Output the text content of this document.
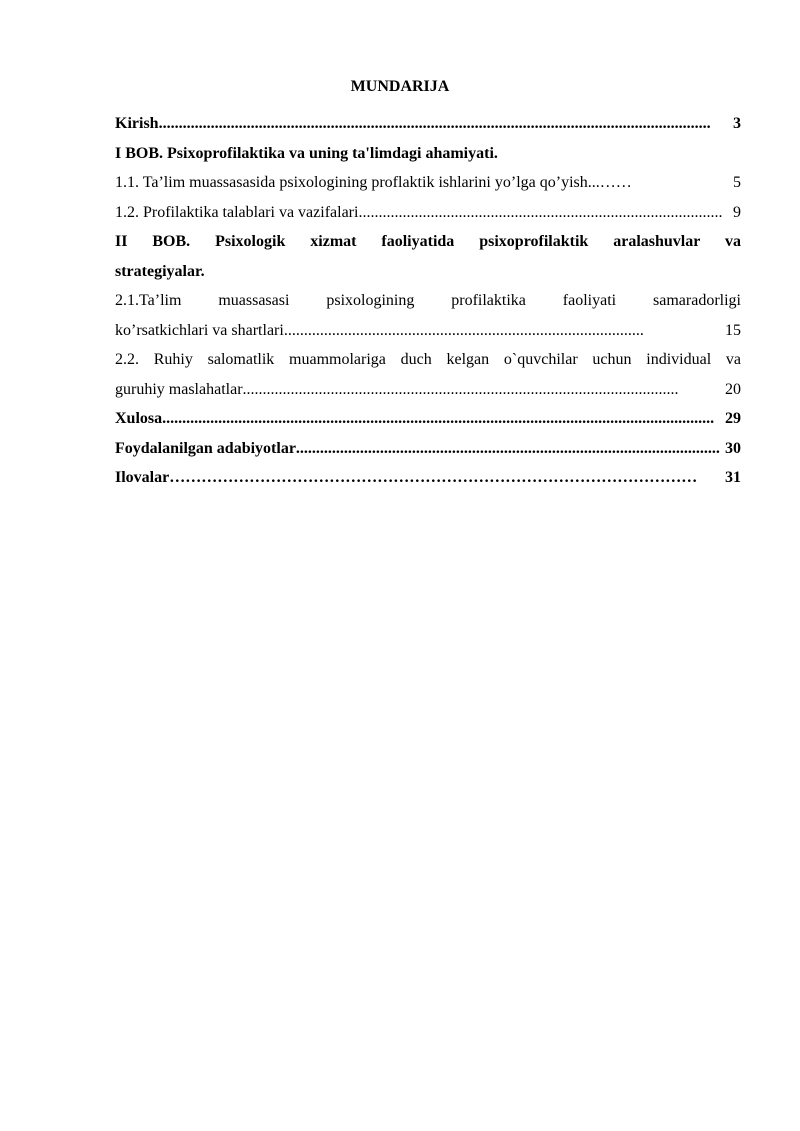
MUNDARIJA
Kirish ..........................................................................................................................................	3
I BOB. Psixoprofilaktika va uning ta'limdagi ahamiyati.
1.1. Ta’lim muassasasida psixologining proflaktik ishlarini yo’lga qo’yish ...……	5
1.2. Profilaktika talablari va vazifalari. .......................................................................................... 9
II BOB. Psixologik xizmat faoliyatida psixoprofilaktik aralashuvlar va
strategiyalar.
2.1.Ta’lim muassasasi psixologining profilaktika faoliyati samaradorligi
ko’rsatkichlari va shartlari ..........................................................................................	15
2.2. Ruhiy salomatlik muammolariga duch kelgan o`quvchilar uchun individual va
guruhiy maslahatlar .............................................................................................................	20
Xulosa .......................................................................................................................................... 29
Foydalanilgan adabiyotlar .......................................................................................................... 30
Ilovalar ………………………………………………………………………………………	31
